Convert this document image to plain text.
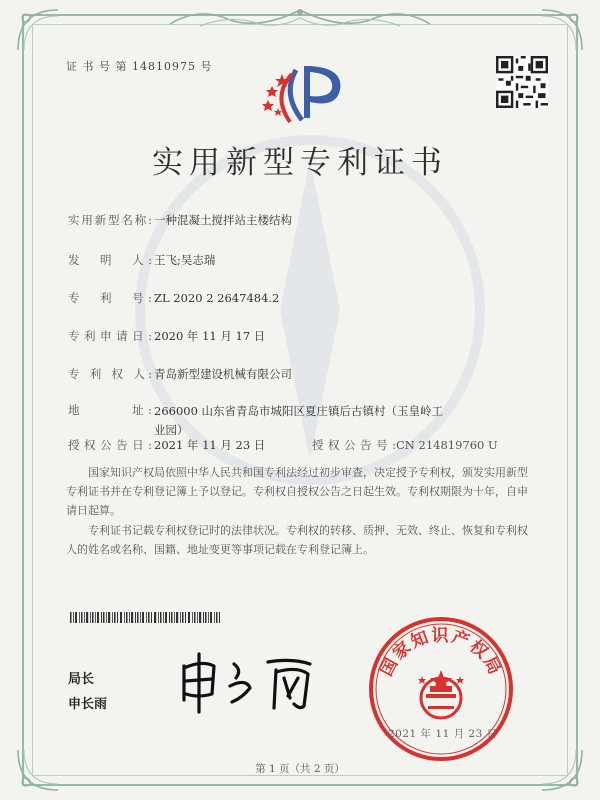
证 书 号 第 14810975 号
实用新型专利证书
实用新型名称: 一种混凝土搅拌站主楼结构
发　明　人: 王飞;吴志瑞
专　利　号: ZL 2020 2 2647484.2
专利申请日: 2020 年 11 月 17 日
专 利 权 人: 青岛新型建设机械有限公司
地　　　址: 266000 山东省青岛市城阳区夏庄镇后古镇村（玉皇岭工业园）
授权公告日: 2021 年 11 月 23 日	授权公告号:CN 214819760 U
国家知识产权局依照中华人民共和国专利法经过初步审查，决定授予专利权，颁发实用新型专利证书并在专利登记簿上予以登记。专利权自授权公告之日起生效。专利权期限为十年，自申请日起算。
专利证书记载专利权登记时的法律状况。专利权的转移、质押、无效、终止、恢复和专利权人的姓名或名称、国籍、地址变更等事项记载在专利登记簿上。
局长
申长雨
国家知识产权局
2021 年 11 月 23 日
第 1 页（共 2 页）
